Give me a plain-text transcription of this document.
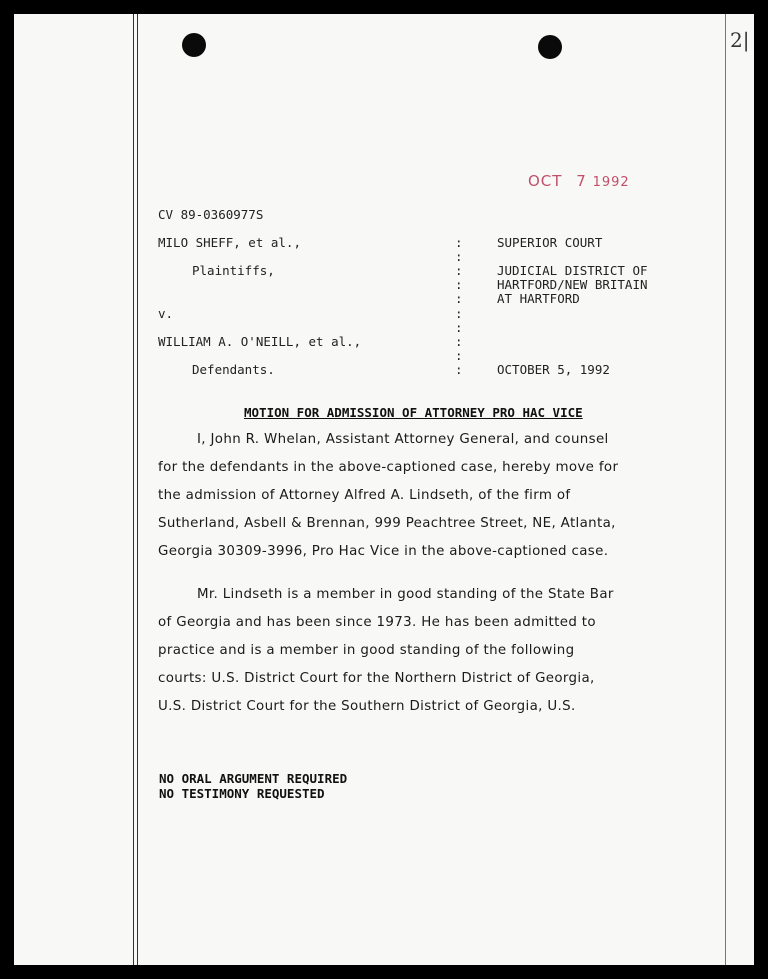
2|
OCT 7 1992
CV 89-0360977S
MILO SHEFF, et al.,
Plaintiffs,
v.
WILLIAM A. O'NEILL, et al.,
Defendants.
:
:
:
:
:
:
:
:
:
:
SUPERIOR COURT
JUDICIAL DISTRICT OF
HARTFORD/NEW BRITAIN
AT HARTFORD
OCTOBER 5, 1992
MOTION FOR ADMISSION OF ATTORNEY PRO HAC VICE
I, John R. Whelan, Assistant Attorney General, and counsel
for the defendants in the above-captioned case, hereby move for
the admission of Attorney Alfred A. Lindseth, of the firm of
Sutherland, Asbell & Brennan, 999 Peachtree Street, NE, Atlanta,
Georgia 30309-3996, Pro Hac Vice in the above-captioned case.
Mr. Lindseth is a member in good standing of the State Bar
of Georgia and has been since 1973. He has been admitted to
practice and is a member in good standing of the following
courts: U.S. District Court for the Northern District of Georgia,
U.S. District Court for the Southern District of Georgia, U.S.
NO ORAL ARGUMENT REQUIRED
NO TESTIMONY REQUESTED
